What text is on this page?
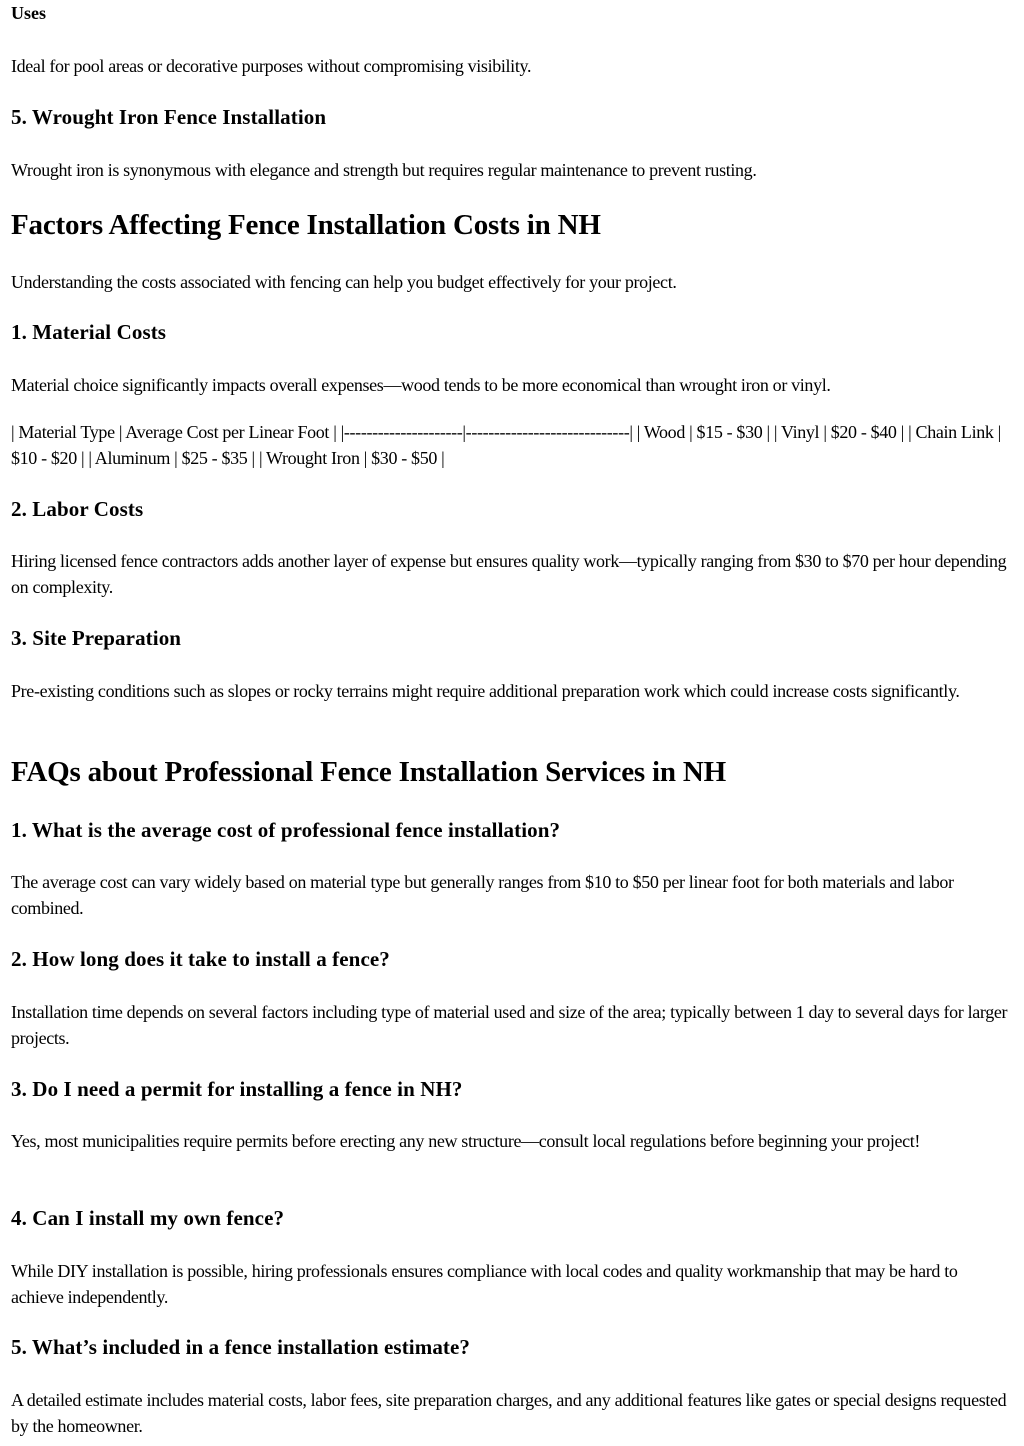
Uses

Ideal for pool areas or decorative purposes without compromising visibility.

5. Wrought Iron Fence Installation

Wrought iron is synonymous with elegance and strength but requires regular maintenance to prevent rusting.

Factors Affecting Fence Installation Costs in NH

Understanding the costs associated with fencing can help you budget effectively for your project.

1. Material Costs

Material choice significantly impacts overall expenses—wood tends to be more economical than wrought iron or vinyl.

| Material Type | Average Cost per Linear Foot | |---------------------|-----------------------------| | Wood | $15 - $30 | | Vinyl | $20 - $40 | | Chain Link | $10 - $20 | | Aluminum | $25 - $35 | | Wrought Iron | $30 - $50 |

2. Labor Costs

Hiring licensed fence contractors adds another layer of expense but ensures quality work—typically ranging from $30 to $70 per hour depending on complexity.

3. Site Preparation

Pre-existing conditions such as slopes or rocky terrains might require additional preparation work which could increase costs significantly.

FAQs about Professional Fence Installation Services in NH
1. What is the average cost of professional fence installation?

The average cost can vary widely based on material type but generally ranges from $10 to $50 per linear foot for both materials and labor combined.

2. How long does it take to install a fence?

Installation time depends on several factors including type of material used and size of the area; typically between 1 day to several days for larger projects.

3. Do I need a permit for installing a fence in NH?

Yes, most municipalities require permits before erecting any new structure—consult local regulations before beginning your project!

4. Can I install my own fence?

While DIY installation is possible, hiring professionals ensures compliance with local codes and quality workmanship that may be hard to achieve independently.

5. What’s included in a fence installation estimate?

A detailed estimate includes material costs, labor fees, site preparation charges, and any additional features like gates or special designs requested by the homeowner.
